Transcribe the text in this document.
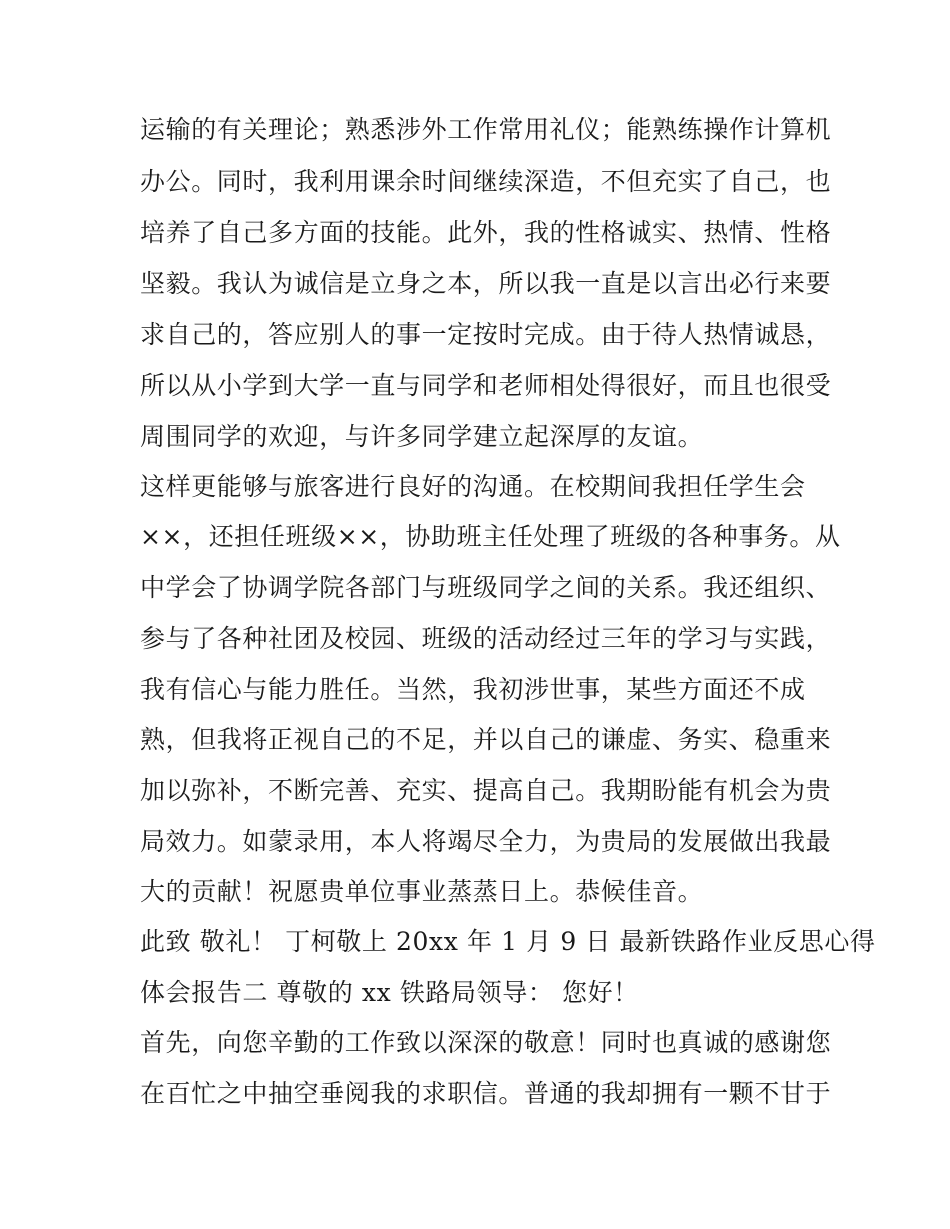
运输的有关理论；熟悉涉外工作常用礼仪；能熟练操作计算机
办公。同时，我利用课余时间继续深造，不但充实了自己，也
培养了自己多方面的技能。此外，我的性格诚实、热情、性格
坚毅。我认为诚信是立身之本，所以我一直是以言出必行来要
求自己的，答应别人的事一定按时完成。由于待人热情诚恳，
所以从小学到大学一直与同学和老师相处得很好，而且也很受
周围同学的欢迎，与许多同学建立起深厚的友谊。
这样更能够与旅客进行良好的沟通。在校期间我担任学生会
××，还担任班级××，协助班主任处理了班级的各种事务。从
中学会了协调学院各部门与班级同学之间的关系。我还组织、
参与了各种社团及校园、班级的活动经过三年的学习与实践，
我有信心与能力胜任。当然，我初涉世事，某些方面还不成
熟，但我将正视自己的不足，并以自己的谦虚、务实、稳重来
加以弥补，不断完善、充实、提高自己。我期盼能有机会为贵
局效力。如蒙录用，本人将竭尽全力，为贵局的发展做出我最
大的贡献！祝愿贵单位事业蒸蒸日上。恭候佳音。
此致 敬礼！ 丁柯敬上 20xx 年 1 月 9 日 最新铁路作业反思心得
体会报告二 尊敬的 xx 铁路局领导： 您好！
首先，向您辛勤的工作致以深深的敬意！同时也真诚的感谢您
在百忙之中抽空垂阅我的求职信。普通的我却拥有一颗不甘于
